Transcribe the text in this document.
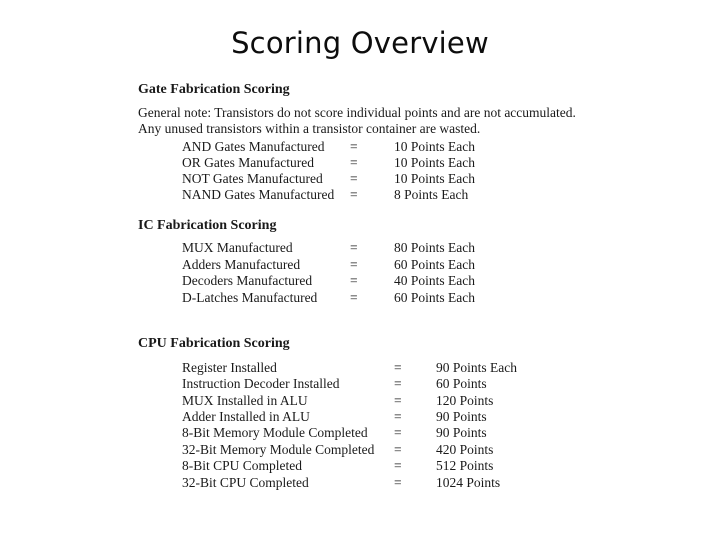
Scoring Overview
Gate Fabrication Scoring
General note: Transistors do not score individual points and are not accumulated.
Any unused transistors within a transistor container are wasted.
AND Gates Manufactured =	10 Points Each
OR Gates Manufactured	=	10 Points Each
NOT Gates Manufactured =	10 Points Each
NAND Gates Manufactured =	8 Points Each
IC Fabrication Scoring
MUX Manufactured	=	80 Points Each
Adders Manufactured	=	60 Points Each
Decoders Manufactured	=	40 Points Each
D-Latches Manufactured =	60 Points Each
CPU Fabrication Scoring
Register Installed	=	90 Points Each
Instruction Decoder Installed	=	60 Points
MUX Installed in ALU	=	120 Points
Adder Installed in ALU	=	90 Points
8-Bit Memory Module Completed =	90 Points
32-Bit Memory Module Completed =	420 Points
8-Bit CPU Completed	=	512 Points
32-Bit CPU Completed	=	1024 Points
